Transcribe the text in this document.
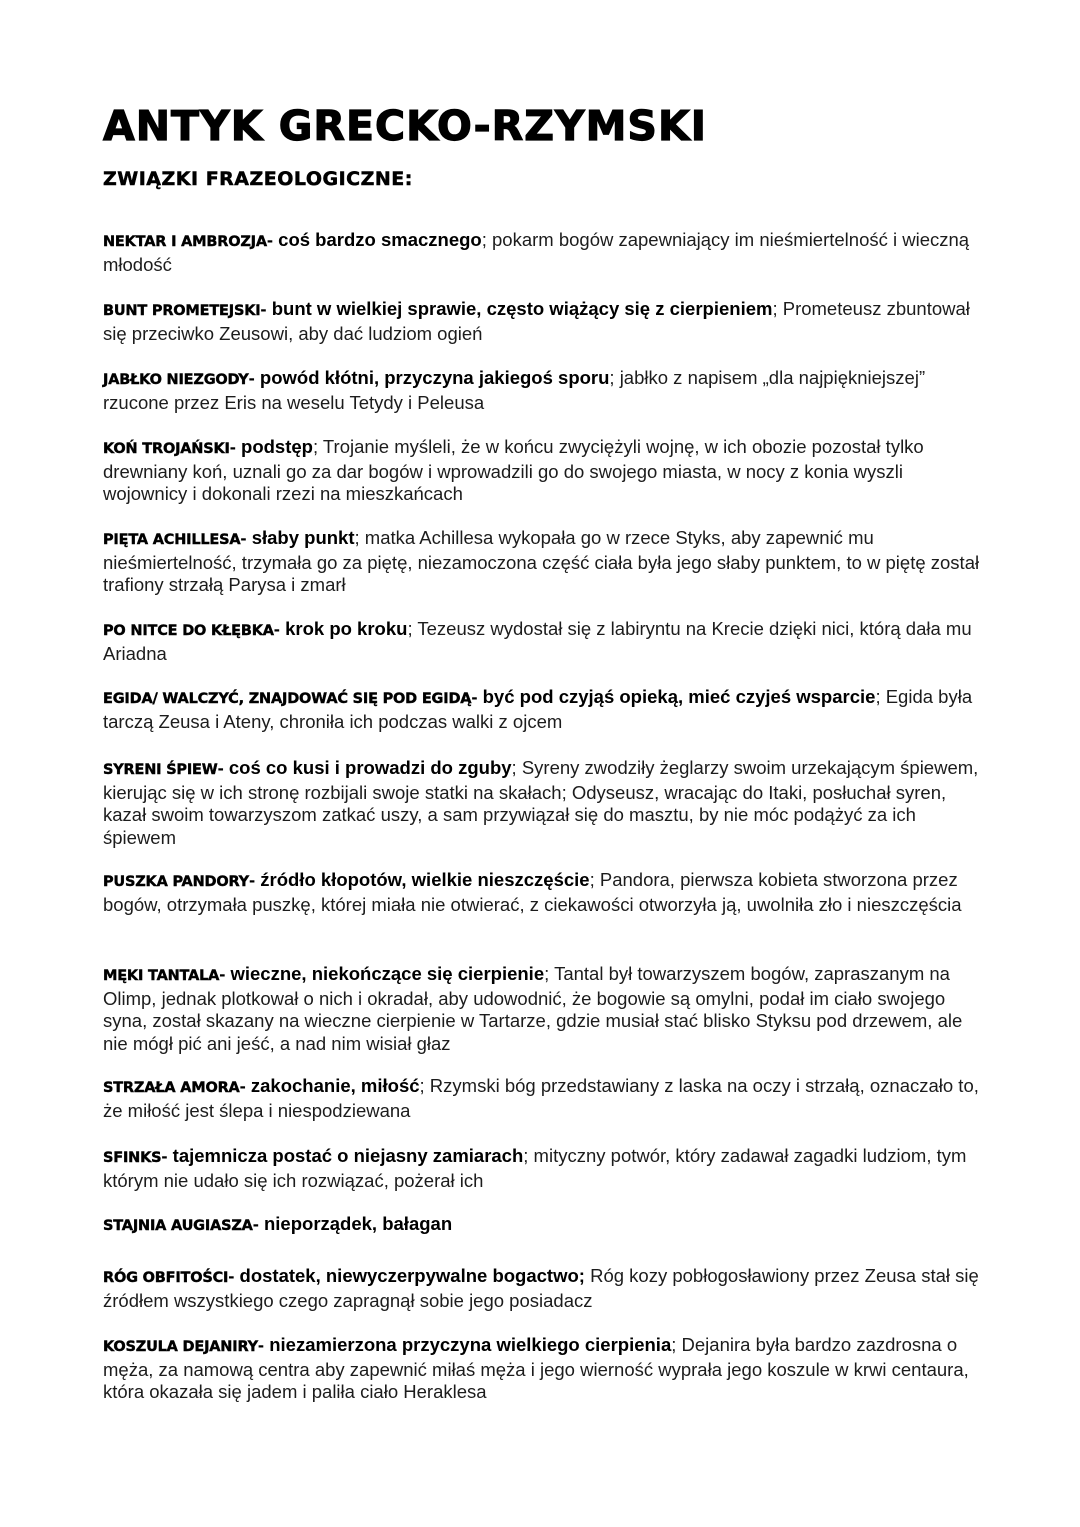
ANTYK GRECKO-RZYMSKI
ZWIĄZKI FRAZEOLOGICZNE:

NEKTAR I AMBROZJA- coś bardzo smacznego; pokarm bogów zapewniający im nieśmiertelność i wieczną młodość

BUNT PROMETEJSKI- bunt w wielkiej sprawie, często wiążący się z cierpieniem; Prometeusz zbuntował się przeciwko Zeusowi, aby dać ludziom ogień

JABŁKO NIEZGODY- powód kłótni, przyczyna jakiegoś sporu; jabłko z napisem „dla najpiękniejszej” rzucone przez Eris na weselu Tetydy i Peleusa

KOŃ TROJAŃSKI- podstęp; Trojanie myśleli, że w końcu zwyciężyli wojnę, w ich obozie pozostał tylko drewniany koń, uznali go za dar bogów i wprowadzili go do swojego miasta, w nocy z konia wyszli wojownicy i dokonali rzezi na mieszkańcach

PIĘTA ACHILLESA- słaby punkt; matka Achillesa wykopała go w rzece Styks, aby zapewnić mu nieśmiertelność, trzymała go za piętę, niezamoczona część ciała była jego słaby punktem, to w piętę został trafiony strzałą Parysa i zmarł

PO NITCE DO KŁĘBKA- krok po kroku; Tezeusz wydostał się z labiryntu na Krecie dzięki nici, którą dała mu Ariadna

EGIDA/ WALCZYĆ, ZNAJDOWAĆ SIĘ POD EGIDĄ- być pod czyjąś opieką, mieć czyjeś wsparcie; Egida była tarczą Zeusa i Ateny, chroniła ich podczas walki z ojcem

SYRENI ŚPIEW- coś co kusi i prowadzi do zguby; Syreny zwodziły żeglarzy swoim urzekającym śpiewem, kierując się w ich stronę rozbijali swoje statki na skałach; Odyseusz, wracając do Itaki, posłuchał syren, kazał swoim towarzyszom zatkać uszy, a sam przywiązał się do masztu, by nie móc podążyć za ich śpiewem

PUSZKA PANDORY- źródło kłopotów, wielkie nieszczęście; Pandora, pierwsza kobieta stworzona przez bogów, otrzymała puszkę, której miała nie otwierać, z ciekawości otworzyła ją, uwolniła zło i nieszczęścia

MĘKI TANTALA- wieczne, niekończące się cierpienie; Tantal był towarzyszem bogów, zapraszanym na Olimp, jednak plotkował o nich i okradał, aby udowodnić, że bogowie są omylni, podał im ciało swojego syna, został skazany na wieczne cierpienie w Tartarze, gdzie musiał stać blisko Styksu pod drzewem, ale nie mógł pić ani jeść, a nad nim wisiał głaz

STRZAŁA AMORA- zakochanie, miłość; Rzymski bóg przedstawiany z laska na oczy i strzałą, oznaczało to, że miłość jest ślepa i niespodziewana

SFINKS- tajemnicza postać o niejasny zamiarach; mityczny potwór, który zadawał zagadki ludziom, tym którym nie udało się ich rozwiązać, pożerał ich

STAJNIA AUGIASZA- nieporządek, bałagan

RÓG OBFITOŚCI- dostatek, niewyczerpywalne bogactwo; Róg kozy pobłogosławiony przez Zeusa stał się źródłem wszystkiego czego zapragnął sobie jego posiadacz

KOSZULA DEJANIRY- niezamierzona przyczyna wielkiego cierpienia; Dejanira była bardzo zazdrosna o męża, za namową centra aby zapewnić miłaś męża i jego wierność wyprała jego koszule w krwi centaura, która okazała się jadem i paliła ciało Heraklesa
